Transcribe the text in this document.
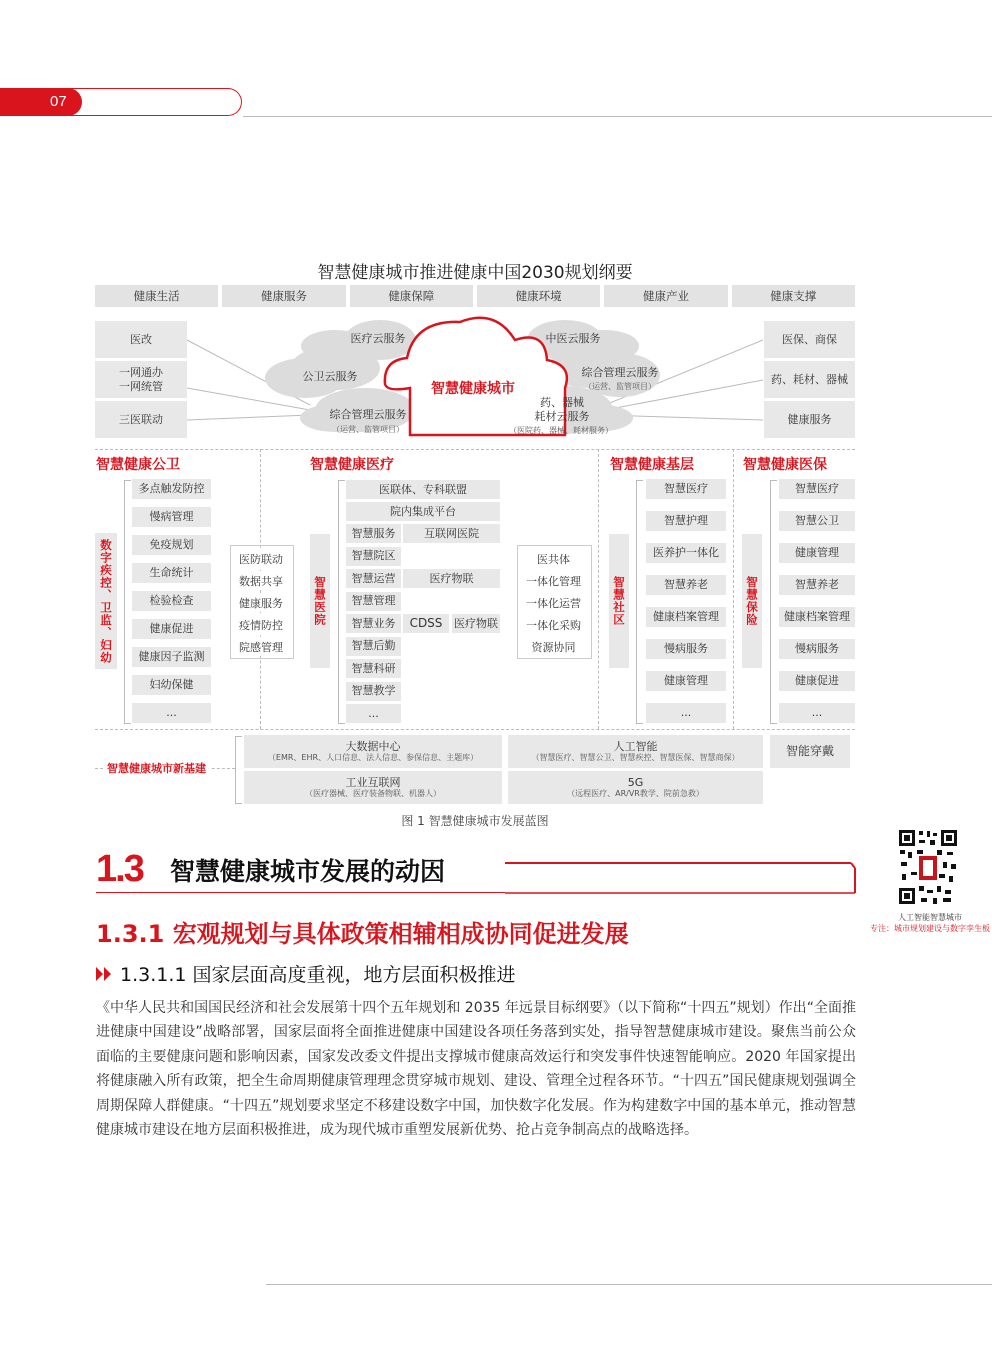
07
智慧健康城市推进健康中国2030规划纲要
健康生活	健康服务	健康保障	健康环境	健康产业	健康支撑
医改
一网通办
一网统管
三医联动
医保、商保
药、耗材、器械
健康服务
医疗云服务
公卫云服务
综合管理云服务
（运营、监管项目）
中医云服务
综合管理云服务
（运营、监管项目）
药、器械
耗材云服务
（医院药、器械、耗材服务）
智慧健康城市
智慧健康公卫
数字疾控、卫监、妇幼
多点触发防控
慢病管理
免疫规划
生命统计
检验检查
健康促进
健康因子监测
妇幼保健
...
医防联动
数据共享
健康服务
疫情防控
院感管理
智慧健康医疗
智慧医院
医联体、专科联盟
院内集成平台
智慧服务
智慧院区
智慧运营
智慧管理
智慧业务
智慧后勤
智慧科研
智慧教学
...
互联网医院
医疗物联
CDSS	医疗物联
医共体
一体化管理
一体化运营
一体化采购
资源协同
智慧健康基层
智慧社区
智慧医疗
智慧护理
医养护一体化
智慧养老
健康档案管理
慢病服务
健康管理
...
智慧健康医保
智慧保险
智慧医疗
智慧公卫
健康管理
智慧养老
健康档案管理
慢病服务
健康促进
...
智慧健康城市新基建
大数据中心
（EMR、EHR、人口信息、法人信息、参保信息、主题库）
人工智能
（智慧医疗、智慧公卫、智慧疾控、智慧医保、智慧商保）	智能穿戴
工业互联网
（医疗器械、医疗装备物联、机器人）
5G
（远程医疗、AR/VR教学、院前急救）
图 1 智慧健康城市发展蓝图
1.3 智慧健康城市发展的动因
1.3.1 宏观规划与具体政策相辅相成协同促进发展
1.3.1.1 国家层面高度重视，地方层面积极推进
《中华人民共和国国民经济和社会发展第十四个五年规划和 2035 年远景目标纲要》（以下简称“十四五”规划）作出“全面推进健康中国建设”战略部署，国家层面将全面推进健康中国建设各项任务落到实处，指导智慧健康城市建设。聚焦当前公众面临的主要健康问题和影响因素，国家发改委文件提出支撑城市健康高效运行和突发事件快速智能响应。2020 年国家提出将健康融入所有政策，把全生命周期健康管理理念贯穿城市规划、建设、管理全过程各环节。“十四五”国民健康规划强调全周期保障人群健康。“十四五”规划要求坚定不移建设数字中国，加快数字化发展。作为构建数字中国的基本单元，推动智慧健康城市建设在地方层面积极推进，成为现代城市重塑发展新优势、抢占竞争制高点的战略选择。
人工智能智慧城市
专注：城市规划建设与数字孪生板
